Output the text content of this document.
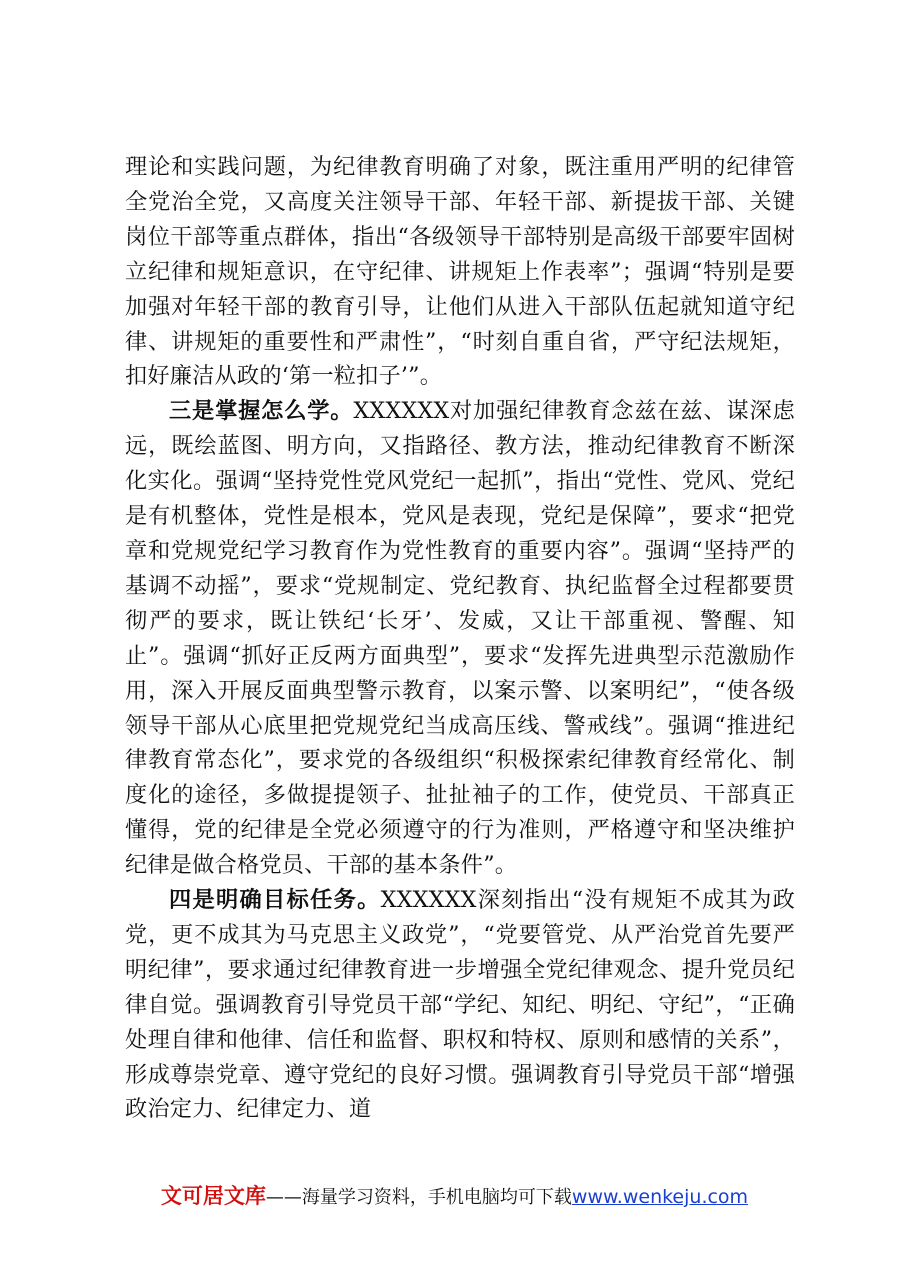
理论和实践问题，为纪律教育明确了对象，既注重用严明的纪律管全党治全党，又高度关注领导干部、年轻干部、新提拔干部、关键岗位干部等重点群体，指出“各级领导干部特别是高级干部要牢固树立纪律和规矩意识，在守纪律、讲规矩上作表率”；强调“特别是要加强对年轻干部的教育引导，让他们从进入干部队伍起就知道守纪律、讲规矩的重要性和严肃性”，“时刻自重自省，严守纪法规矩，扣好廉洁从政的‘第一粒扣子’”。

三是掌握怎么学。XXXXXX对加强纪律教育念兹在兹、谋深虑远，既绘蓝图、明方向，又指路径、教方法，推动纪律教育不断深化实化。强调“坚持党性党风党纪一起抓”，指出“党性、党风、党纪是有机整体，党性是根本，党风是表现，党纪是保障”，要求“把党章和党规党纪学习教育作为党性教育的重要内容”。强调“坚持严的基调不动摇”，要求“党规制定、党纪教育、执纪监督全过程都要贯彻严的要求，既让铁纪‘长牙’、发威，又让干部重视、警醒、知止”。强调“抓好正反两方面典型”，要求“发挥先进典型示范激励作用，深入开展反面典型警示教育，以案示警、以案明纪”，“使各级领导干部从心底里把党规党纪当成高压线、警戒线”。强调“推进纪律教育常态化”，要求党的各级组织“积极探索纪律教育经常化、制度化的途径，多做提提领子、扯扯袖子的工作，使党员、干部真正懂得，党的纪律是全党必须遵守的行为准则，严格遵守和坚决维护纪律是做合格党员、干部的基本条件”。

四是明确目标任务。XXXXXX深刻指出“没有规矩不成其为政党，更不成其为马克思主义政党”，“党要管党、从严治党首先要严明纪律”，要求通过纪律教育进一步增强全党纪律观念、提升党员纪律自觉。强调教育引导党员干部“学纪、知纪、明纪、守纪”，“正确处理自律和他律、信任和监督、职权和特权、原则和感情的关系”，形成尊崇党章、遵守党纪的良好习惯。强调教育引导党员干部“增强政治定力、纪律定力、道

文可居文库——海量学习资料，手机电脑均可下载www.wenkeju.com
